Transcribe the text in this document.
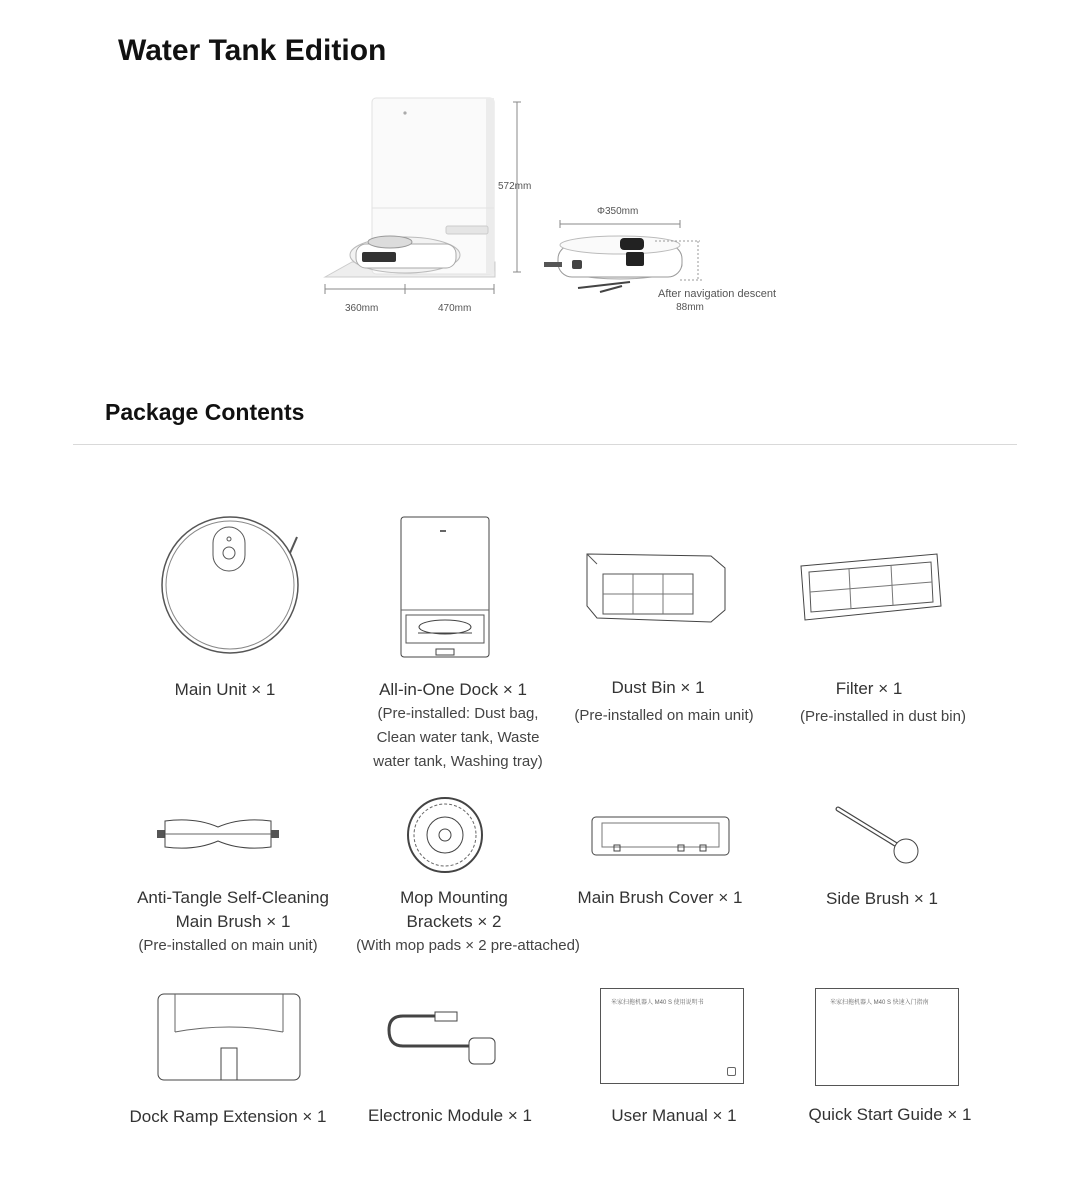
Water Tank Edition
572mm
Φ350mm
360mm	470mm
After navigation descent
88mm
Package Contents
Main Unit × 1	All-in-One Dock × 1
(Pre-installed: Dust bag, Clean water tank, Waste water tank, Washing tray)
Dust Bin × 1
(Pre-installed on main unit)
Filter × 1
(Pre-installed in dust bin)
Anti-Tangle Self-Cleaning Main Brush × 1
(Pre-installed on main unit)
Mop Mounting Brackets × 2
(With mop pads × 2 pre-attached)
Main Brush Cover × 1	Side Brush × 1
米家扫拖机器人 M40 S 使用说明书	米家扫拖机器人 M40 S 快速入门指南
Dock Ramp Extension × 1	Electronic Module × 1	User Manual × 1	Quick Start Guide × 1
